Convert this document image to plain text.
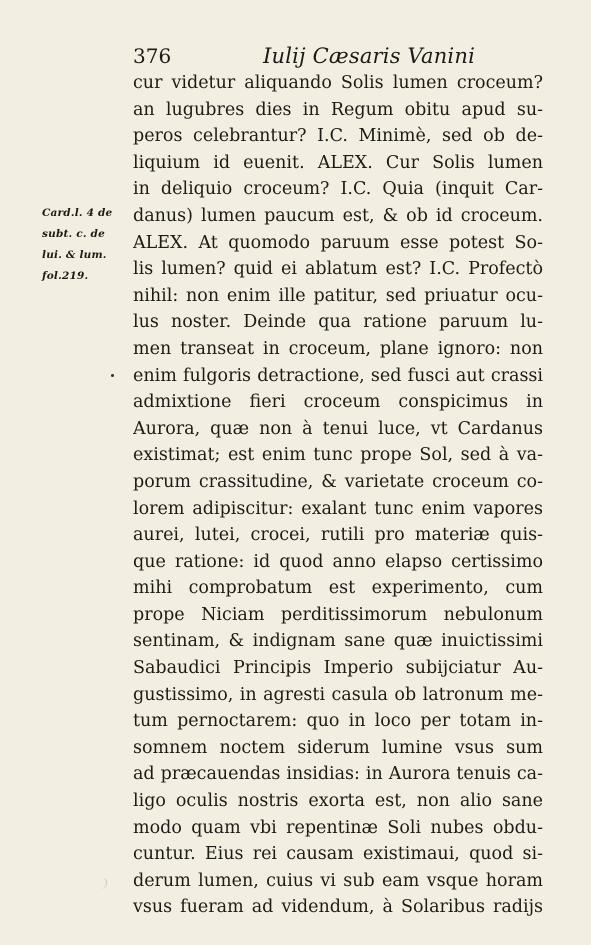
376	Iulij Cæsaris Vanini
Card.l. 4 de
subt. c. de
lui. & lum.
fol.219.
cur videtur aliquando Solis lumen croceum?
an lugubres dies in Regum obitu apud su-
peros celebrantur? I.C. Minimè, sed ob de-
liquium id euenit. ALEX. Cur Solis lumen
in deliquio croceum? I.C. Quia (inquit Car-
danus) lumen paucum est, & ob id croceum.
ALEX. At quomodo paruum esse potest So-
lis lumen? quid ei ablatum est? I.C. Profectò
nihil: non enim ille patitur, sed priuatur ocu-
lus noster. Deinde qua ratione paruum lu-
men transeat in croceum, plane ignoro: non
enim fulgoris detractione, sed fusci aut crassi
admixtione fieri croceum conspicimus in
Aurora, quæ non à tenui luce, vt Cardanus
existimat; est enim tunc prope Sol, sed à va-
porum crassitudine, & varietate croceum co-
lorem adipiscitur: exalant tunc enim vapores
aurei, lutei, crocei, rutili pro materiæ quis-
que ratione: id quod anno elapso certissimo
mihi comprobatum est experimento, cum
prope Niciam perditissimorum nebulonum
sentinam, & indignam sane quæ inuictissimi
Sabaudici Principis Imperio subijciatur Au-
gustissimo, in agresti casula ob latronum me-
tum pernoctarem: quo in loco per totam in-
somnem noctem siderum lumine vsus sum
ad præcauendas insidias: in Aurora tenuis ca-
ligo oculis nostris exorta est, non alio sane
modo quam vbi repentinæ Soli nubes obdu-
cuntur. Eius rei causam existimaui, quod si-
derum lumen, cuius vi sub eam vsque horam
vsus fueram ad videndum, à Solaribus radijs
